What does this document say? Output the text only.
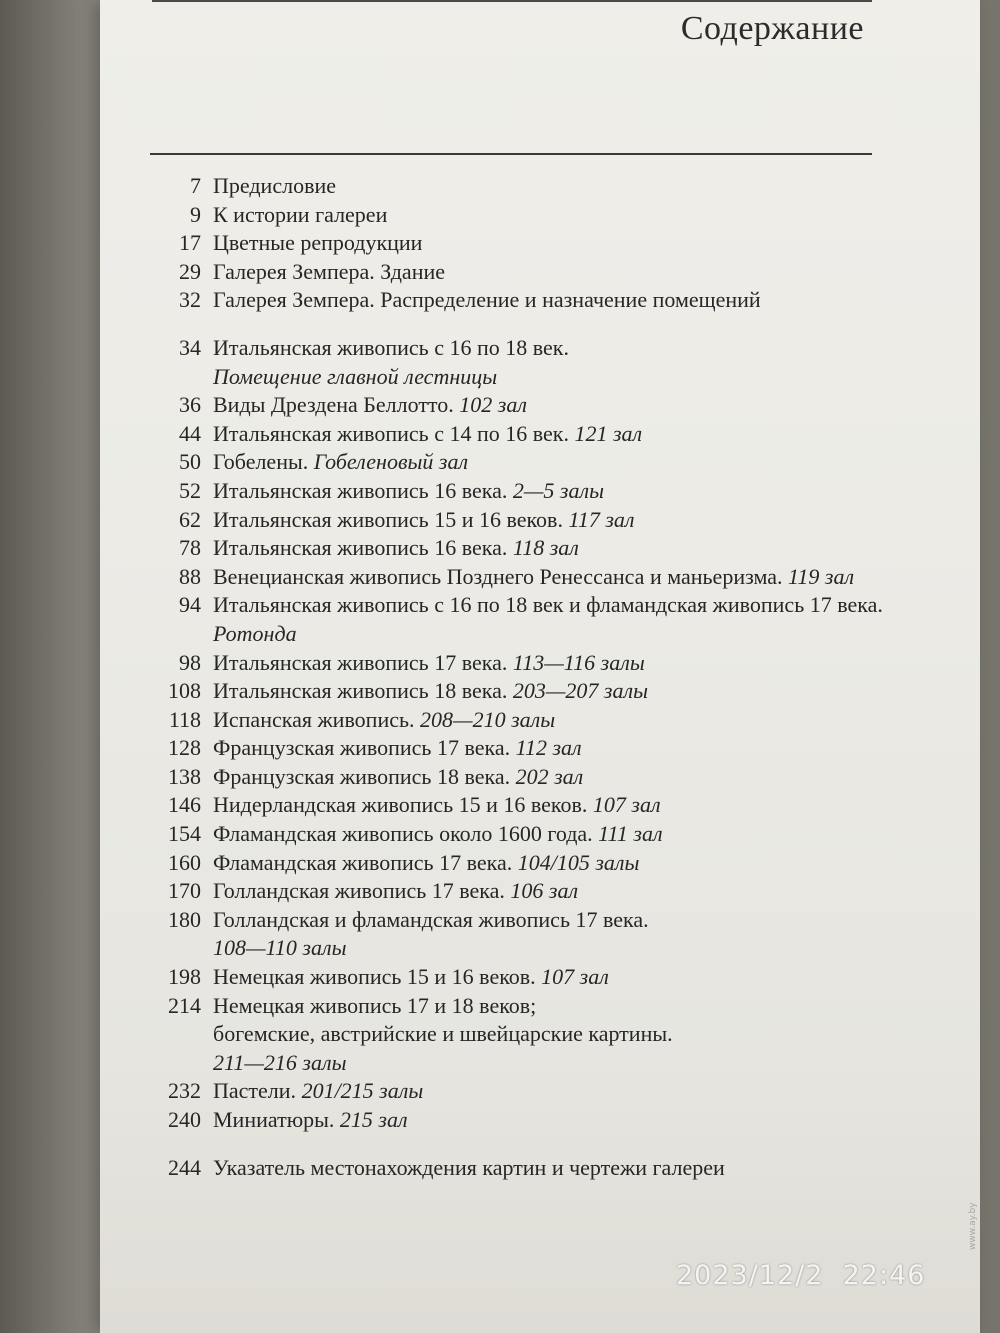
Содержание
7 Предисловие
9 К истории галереи
17 Цветные репродукции
29 Галерея Земпера. Здание
32 Галерея Земпера. Распределение и назначение помещений
34 Итальянская живопись с 16 по 18 век.
Помещение главной лестницы
36 Виды Дрездена Беллотто. 102 зал
44 Итальянская живопись с 14 по 16 век. 121 зал
50 Гобелены. Гобеленовый зал
52 Итальянская живопись 16 века. 2—5 залы
62 Итальянская живопись 15 и 16 веков. 117 зал
78 Итальянская живопись 16 века. 118 зал
88 Венецианская живопись Позднего Ренессанса и маньеризма. 119 зал
94 Итальянская живопись с 16 по 18 век и фламандская живопись 17 века. Ротонда
98 Итальянская живопись 17 века. 113—116 залы
108 Итальянская живопись 18 века. 203—207 залы
118 Испанская живопись. 208—210 залы
128 Французская живопись 17 века. 112 зал
138 Французская живопись 18 века. 202 зал
146 Нидерландская живопись 15 и 16 веков. 107 зал
154 Фламандская живопись около 1600 года. 111 зал
160 Фламандская живопись 17 века. 104/105 залы
170 Голландская живопись 17 века. 106 зал
180 Голландская и фламандская живопись 17 века.
108—110 залы
198 Немецкая живопись 15 и 16 веков. 107 зал
214 Немецкая живопись 17 и 18 веков;
богемские, австрийские и швейцарские картины.
211—216 залы
232 Пастели. 201/215 залы
240 Миниатюры. 215 зал
244 Указатель местонахождения картин и чертежи галереи
2023/12/2  22:46
www.ay.by
